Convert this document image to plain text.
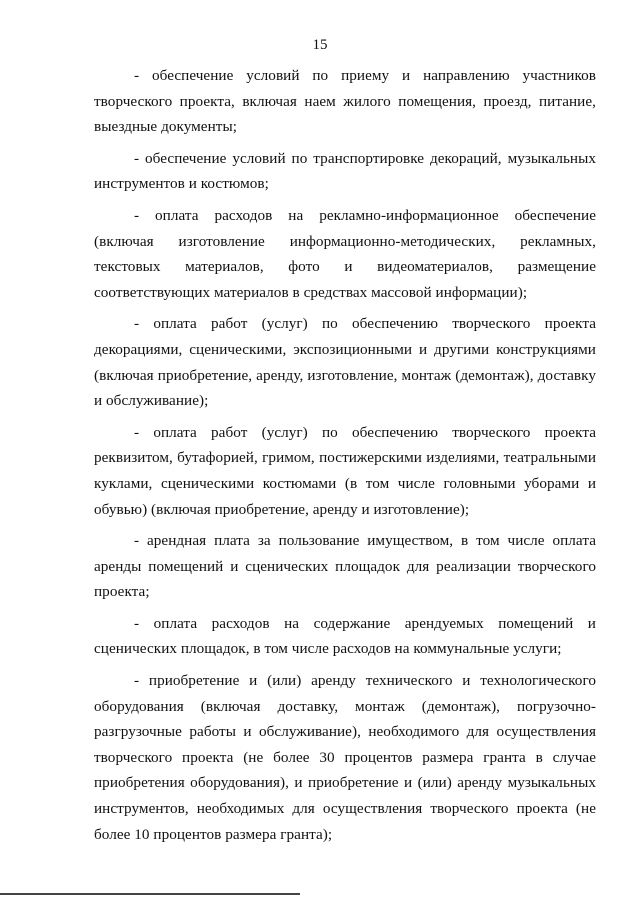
15

- обеспечение условий по приему и направлению участников творческого проекта, включая наем жилого помещения, проезд, питание, выездные документы;

- обеспечение условий по транспортировке декораций, музыкальных инструментов и костюмов;

- оплата расходов на рекламно-информационное обеспечение (включая изготовление информационно-методических, рекламных, текстовых материалов, фото и видеоматериалов, размещение соответствующих материалов в средствах массовой информации);

- оплата работ (услуг) по обеспечению творческого проекта декорациями, сценическими, экспозиционными и другими конструкциями (включая приобретение, аренду, изготовление, монтаж (демонтаж), доставку и обслуживание);

- оплата работ (услуг) по обеспечению творческого проекта реквизитом, бутафорией, гримом, постижерскими изделиями, театральными куклами, сценическими костюмами (в том числе головными уборами и обувью) (включая приобретение, аренду и изготовление);

- арендная плата за пользование имуществом, в том числе оплата аренды помещений и сценических площадок для реализации творческого проекта;

- оплата расходов на содержание арендуемых помещений и сценических площадок, в том числе расходов на коммунальные услуги;

- приобретение и (или) аренду технического и технологического оборудования (включая доставку, монтаж (демонтаж), погрузочно-разгрузочные работы и обслуживание), необходимого для осуществления творческого проекта (не более 30 процентов размера гранта в случае приобретения оборудования), и приобретение и (или) аренду музыкальных инструментов, необходимых для осуществления творческого проекта (не более 10 процентов размера гранта);
